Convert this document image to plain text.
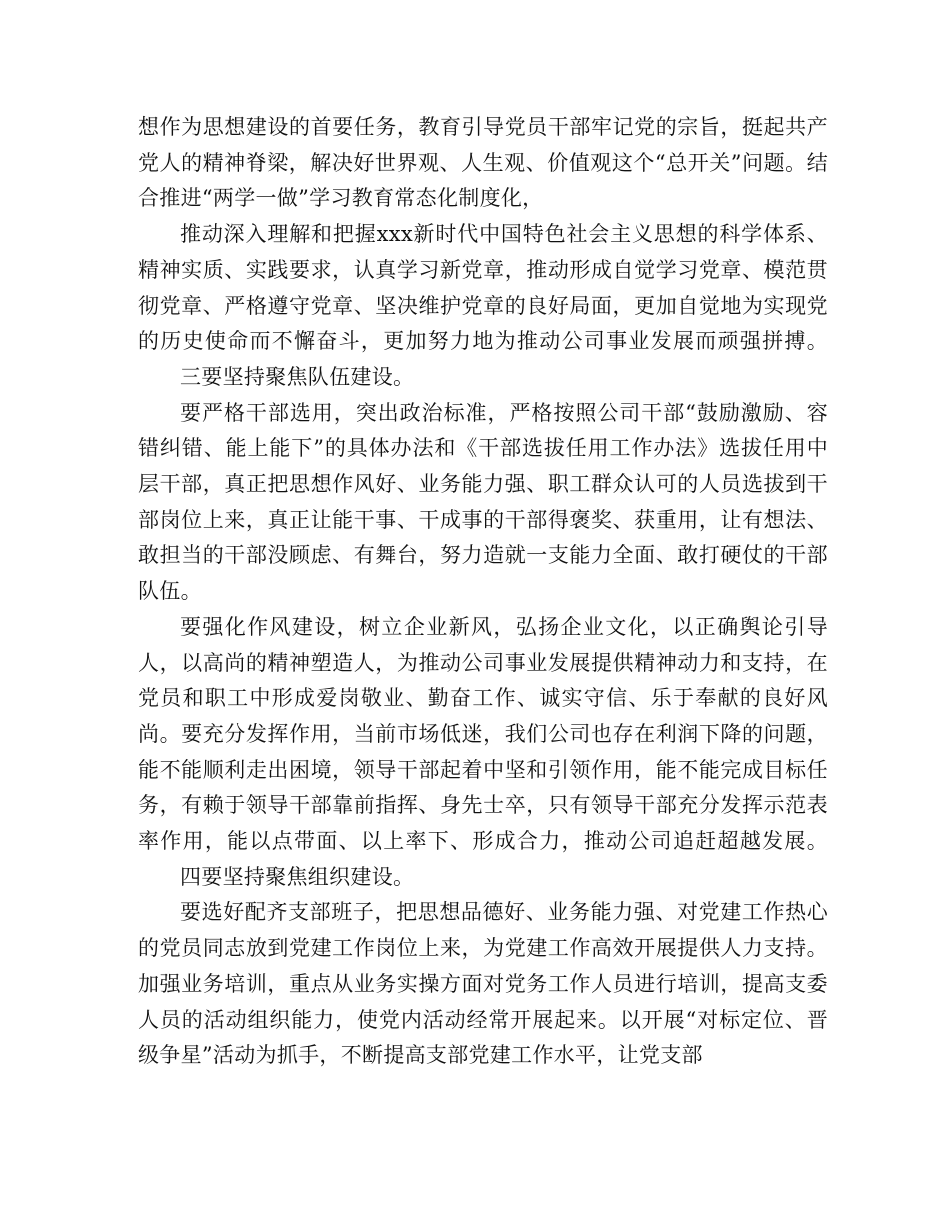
想作为思想建设的首要任务，教育引导党员干部牢记党的宗旨，挺起共产党人的精神脊梁，解决好世界观、人生观、价值观这个“总开关”问题。结合推进“两学一做”学习教育常态化制度化，

推动深入理解和把握xxx新时代中国特色社会主义思想的科学体系、精神实质、实践要求，认真学习新党章，推动形成自觉学习党章、模范贯彻党章、严格遵守党章、坚决维护党章的良好局面，更加自觉地为实现党的历史使命而不懈奋斗，更加努力地为推动公司事业发展而顽强拼搏。三要坚持聚焦队伍建设。

要严格干部选用，突出政治标准，严格按照公司干部“鼓励激励、容错纠错、能上能下”的具体办法和《干部选拔任用工作办法》选拔任用中层干部，真正把思想作风好、业务能力强、职工群众认可的人员选拔到干部岗位上来，真正让能干事、干成事的干部得褒奖、获重用，让有想法、敢担当的干部没顾虑、有舞台，努力造就一支能力全面、敢打硬仗的干部队伍。

要强化作风建设，树立企业新风，弘扬企业文化，以正确舆论引导人，以高尚的精神塑造人，为推动公司事业发展提供精神动力和支持，在党员和职工中形成爱岗敬业、勤奋工作、诚实守信、乐于奉献的良好风尚。要充分发挥作用，当前市场低迷，我们公司也存在利润下降的问题，能不能顺利走出困境，领导干部起着中坚和引领作用，能不能完成目标任务，有赖于领导干部靠前指挥、身先士卒，只有领导干部充分发挥示范表率作用，能以点带面、以上率下、形成合力，推动公司追赶超越发展。四要坚持聚焦组织建设。

要选好配齐支部班子，把思想品德好、业务能力强、对党建工作热心的党员同志放到党建工作岗位上来，为党建工作高效开展提供人力支持。加强业务培训，重点从业务实操方面对党务工作人员进行培训，提高支委人员的活动组织能力，使党内活动经常开展起来。以开展“对标定位、晋级争星”活动为抓手，不断提高支部党建工作水平，让党支部
